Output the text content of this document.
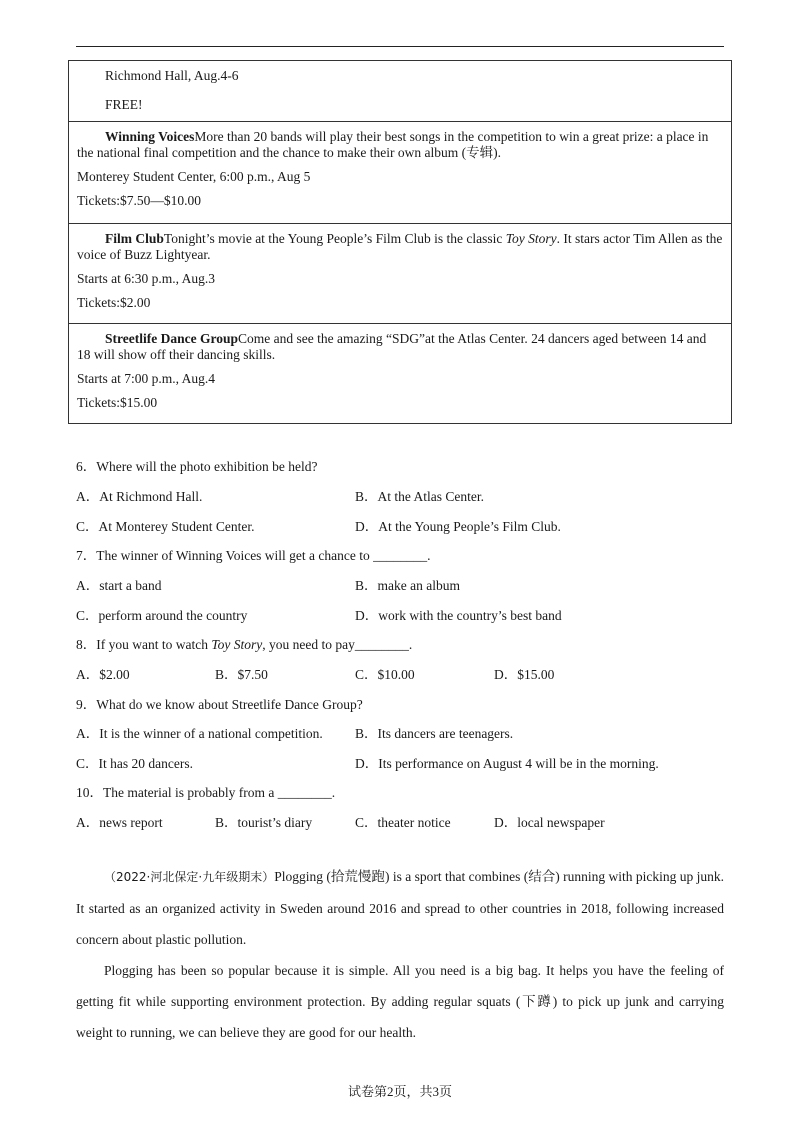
Richmond Hall, Aug.4-6
FREE!
Winning VoicesMore than 20 bands will play their best songs in the competition to win a great prize: a place in the national final competition and the chance to make their own album (专辑).
Monterey Student Center, 6:00 p.m., Aug 5
Tickets:$7.50—$10.00
Film ClubTonight’s movie at the Young People’s Film Club is the classic Toy Story. It stars actor Tim Allen as the voice of Buzz Lightyear.
Starts at 6:30 p.m., Aug.3
Tickets:$2.00
Streetlife Dance GroupCome and see the amazing “SDG”at the Atlas Center. 24 dancers aged between 14 and 18 will show off their dancing skills.
Starts at 7:00 p.m., Aug.4
Tickets:$15.00
6．Where will the photo exhibition be held?
A．At Richmond Hall.	B．At the Atlas Center.
C．At Monterey Student Center.	D．At the Young People’s Film Club.
7．The winner of Winning Voices will get a chance to ________.
A．start a band	B．make an album
C．perform around the country	D．work with the country’s best band
8．If you want to watch Toy Story, you need to pay________.
A．$2.00	B．$7.50	C．$10.00	D．$15.00
9．What do we know about Streetlife Dance Group?
A．It is the winner of a national competition. B．Its dancers are teenagers.
C．It has 20 dancers.	D．Its performance on August 4 will be in the morning.
10．The material is probably from a ________.
A．news report	B．tourist’s diary	C．theater notice	D．local newspaper

（2022·河北保定·九年级期末）Plogging (拾荒慢跑) is a sport that combines (结合) running with picking up junk. It started as an organized activity in Sweden around 2016 and spread to other countries in 2018, following increased concern about plastic pollution.

Plogging has been so popular because it is simple. All you need is a big bag. It helps you have the feeling of getting fit while supporting environment protection. By adding regular squats (下蹲) to pick up junk and carrying weight to running, we can believe they are good for our health.

试卷第2页，共3页
